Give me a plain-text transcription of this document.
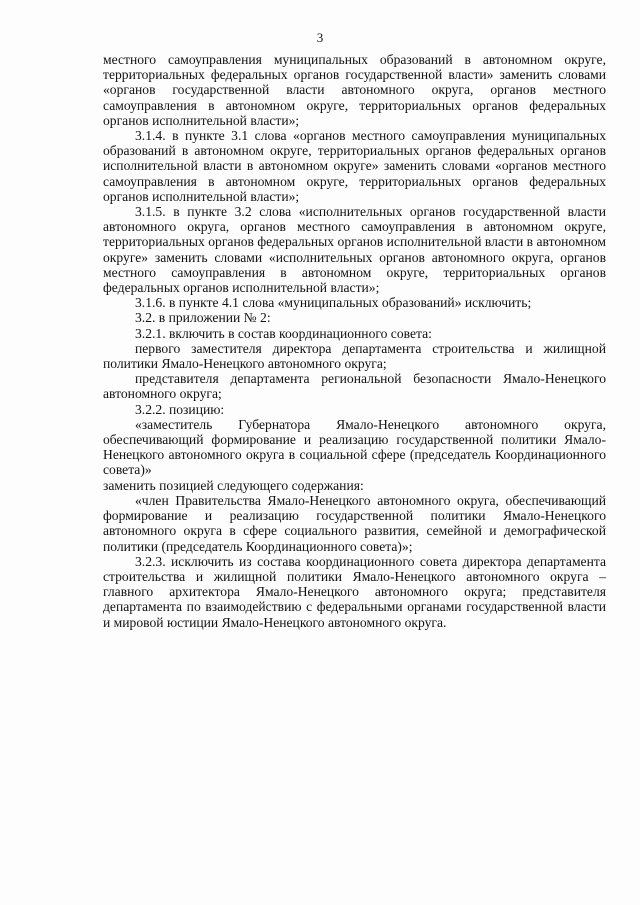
3

местного самоуправления муниципальных образований в автономном округе, территориальных федеральных органов государственной власти» заменить словами «органов государственной власти автономного округа, органов местного самоуправления в автономном округе, территориальных органов федеральных органов исполнительной власти»;

3.1.4. в пункте 3.1 слова «органов местного самоуправления муниципальных образований в автономном округе, территориальных органов федеральных органов исполнительной власти в автономном округе» заменить словами «органов местного самоуправления в автономном округе, территориальных органов федеральных органов исполнительной власти»;

3.1.5. в пункте 3.2 слова «исполнительных органов государственной власти автономного округа, органов местного самоуправления в автономном округе, территориальных органов федеральных органов исполнительной власти в автономном округе» заменить словами «исполнительных органов автономного округа, органов местного самоуправления в автономном округе, территориальных органов федеральных органов исполнительной власти»;

3.1.6. в пункте 4.1 слова «муниципальных образований» исключить;

3.2. в приложении № 2:

3.2.1. включить в состав координационного совета:

первого заместителя директора департамента строительства и жилищной политики Ямало-Ненецкого автономного округа;

представителя департамента региональной безопасности Ямало-Ненецкого автономного округа;

3.2.2. позицию:

«заместитель Губернатора Ямало-Ненецкого автономного округа, обеспечивающий формирование и реализацию государственной политики Ямало-Ненецкого автономного округа в социальной сфере (председатель Координационного совета)»

заменить позицией следующего содержания:

«член Правительства Ямало-Ненецкого автономного округа, обеспечивающий формирование и реализацию государственной политики Ямало-Ненецкого автономного округа в сфере социального развития, семейной и демографической политики (председатель Координационного совета)»;

3.2.3. исключить из состава координационного совета директора департамента строительства и жилищной политики Ямало-Ненецкого автономного округа – главного архитектора Ямало-Ненецкого автономного округа; представителя департамента по взаимодействию с федеральными органами государственной власти и мировой юстиции Ямало-Ненецкого автономного округа.
